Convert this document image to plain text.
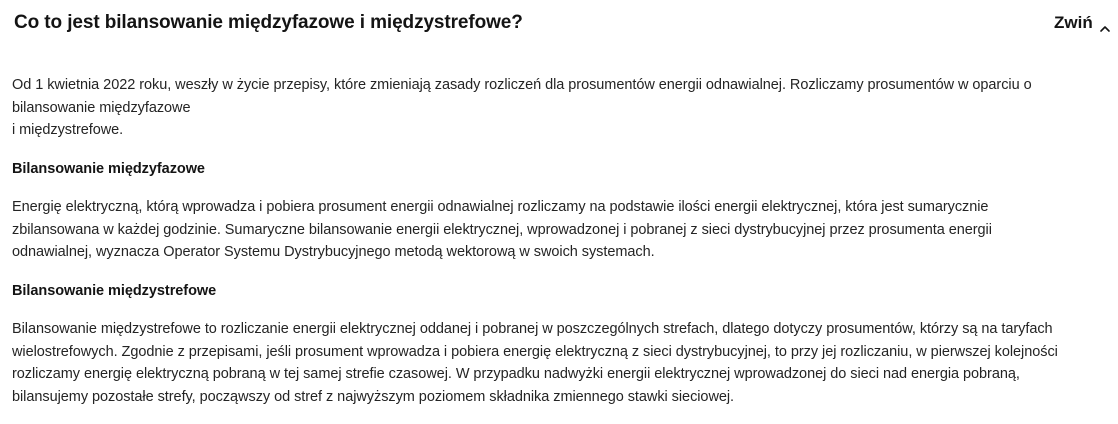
Co to jest bilansowanie międzyfazowe i międzystrefowe?	Zwiń

Od 1 kwietnia 2022 roku, weszły w życie przepisy, które zmieniają zasady rozliczeń dla prosumentów energii odnawialnej. Rozliczamy prosumentów w oparciu o bilansowanie międzyfazowe
i międzystrefowe.

Bilansowanie międzyfazowe

Energię elektryczną, którą wprowadza i pobiera prosument energii odnawialnej rozliczamy na podstawie ilości energii elektrycznej, która jest sumarycznie zbilansowana w każdej godzinie. Sumaryczne bilansowanie energii elektrycznej, wprowadzonej i pobranej z sieci dystrybucyjnej przez prosumenta energii odnawialnej, wyznacza Operator Systemu Dystrybucyjnego metodą wektorową w swoich systemach.

Bilansowanie międzystrefowe

Bilansowanie międzystrefowe to rozliczanie energii elektrycznej oddanej i pobranej w poszczególnych strefach, dlatego dotyczy prosumentów, którzy są na taryfach wielostrefowych. Zgodnie z przepisami, jeśli prosument wprowadza i pobiera energię elektryczną z sieci dystrybucyjnej, to przy jej rozliczaniu, w pierwszej kolejności rozliczamy energię elektryczną pobraną w tej samej strefie czasowej. W przypadku nadwyżki energii elektrycznej wprowadzonej do sieci nad energia pobraną, bilansujemy pozostałe strefy, począwszy od stref z najwyższym poziomem składnika zmiennego stawki sieciowej.
